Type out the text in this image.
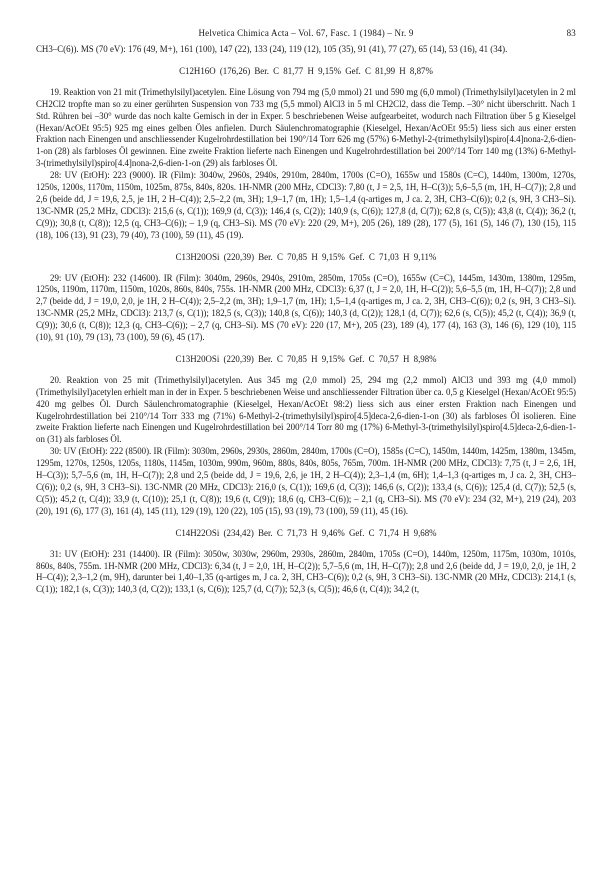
Helvetica Chimica Acta – Vol. 67, Fasc. 1 (1984) – Nr. 9	83

CH3–C(6)). MS (70 eV): 176 (49, M+), 161 (100), 147 (22), 133 (24), 119 (12), 105 (35), 91 (41), 77 (27), 65 (14), 53 (16), 41 (34).

C12H16O (176,26) Ber. C 81,77 H 9,15% Gef. C 81,99 H 8,87%

19. Reaktion von 21 mit (Trimethylsilyl)acetylen. Eine Lösung von 794 mg (5,0 mmol) 21 und 590 mg (6,0 mmol) (Trimethylsilyl)acetylen in 2 ml CH2Cl2 tropfte man so zu einer gerührten Suspension von 733 mg (5,5 mmol) AlCl3 in 5 ml CH2Cl2, dass die Temp. –30° nicht überschritt. Nach 1 Std. Rühren bei –30° wurde das noch kalte Gemisch in der in Exper. 5 beschriebenen Weise aufgearbeitet, wodurch nach Filtration über 5 g Kieselgel (Hexan/AcOEt 95:5) 925 mg eines gelben Öles anfielen. Durch Säulenchromatographie (Kieselgel, Hexan/AcOEt 95:5) liess sich aus einer ersten Fraktion nach Einengen und anschliessender Kugelrohrdestillation bei 190°/14 Torr 626 mg (57%) 6-Methyl-2-(trimethylsilyl)spiro[4.4]nona-2,6-dien-1-on (28) als farbloses Öl gewinnen. Eine zweite Fraktion lieferte nach Einengen und Kugelrohrdestillation bei 200°/14 Torr 140 mg (13%) 6-Methyl-3-(trimethylsilyl)spiro[4.4]nona-2,6-dien-1-on (29) als farbloses Öl.

28: UV (EtOH): 223 (9000). IR (Film): 3040w, 2960s, 2940s, 2910m, 2840m, 1700s (C=O), 1655w und 1580s (C=C), 1440m, 1300m, 1270s, 1250s, 1200s, 1170m, 1150m, 1025m, 875s, 840s, 820s. 1H-NMR (200 MHz, CDCl3): 7,80 (t, J = 2,5, 1H, H–C(3)); 5,6–5,5 (m, 1H, H–C(7)); 2,8 und 2,6 (beide dd, J = 19,6, 2,5, je 1H, 2 H–C(4)); 2,5–2,2 (m, 3H); 1,9–1,7 (m, 1H); 1,5–1,4 (q-artiges m, J ca. 2, 3H, CH3–C(6)); 0,2 (s, 9H, 3 CH3–Si). 13C-NMR (25,2 MHz, CDCl3): 215,6 (s, C(1)); 169,9 (d, C(3)); 146,4 (s, C(2)); 140,9 (s, C(6)); 127,8 (d, C(7)); 62,8 (s, C(5)); 43,8 (t, C(4)); 36,2 (t, C(9)); 30,8 (t, C(8)); 12,5 (q, CH3–C(6)); – 1,9 (q, CH3–Si). MS (70 eV): 220 (29, M+), 205 (26), 189 (28), 177 (5), 161 (5), 146 (7), 130 (15), 115 (18), 106 (13), 91 (23), 79 (40), 73 (100), 59 (11), 45 (19).

C13H20OSi (220,39) Ber. C 70,85 H 9,15% Gef. C 71,03 H 9,11%

29: UV (EtOH): 232 (14600). IR (Film): 3040m, 2960s, 2940s, 2910m, 2850m, 1705s (C=O), 1655w (C=C), 1445m, 1430m, 1380m, 1295m, 1250s, 1190m, 1170m, 1150m, 1020s, 860s, 840s, 755s. 1H-NMR (200 MHz, CDCl3): 6,37 (t, J = 2,0, 1H, H–C(2)); 5,6–5,5 (m, 1H, H–C(7)); 2,8 und 2,7 (beide dd, J = 19,0, 2,0, je 1H, 2 H–C(4)); 2,5–2,2 (m, 3H); 1,9–1,7 (m, 1H); 1,5–1,4 (q-artiges m, J ca. 2, 3H, CH3–C(6)); 0,2 (s, 9H, 3 CH3–Si). 13C-NMR (25,2 MHz, CDCl3): 213,7 (s, C(1)); 182,5 (s, C(3)); 140,8 (s, C(6)); 140,3 (d, C(2)); 128,1 (d, C(7)); 62,6 (s, C(5)); 45,2 (t, C(4)); 36,9 (t, C(9)); 30,6 (t, C(8)); 12,3 (q, CH3–C(6)); – 2,7 (q, CH3–Si). MS (70 eV): 220 (17, M+), 205 (23), 189 (4), 177 (4), 163 (3), 146 (6), 129 (10), 115 (10), 91 (10), 79 (13), 73 (100), 59 (6), 45 (17).

C13H20OSi (220,39) Ber. C 70,85 H 9,15% Gef. C 70,57 H 8,98%

20. Reaktion von 25 mit (Trimethylsilyl)acetylen. Aus 345 mg (2,0 mmol) 25, 294 mg (2,2 mmol) AlCl3 und 393 mg (4,0 mmol) (Trimethylsilyl)acetylen erhielt man in der in Exper. 5 beschriebenen Weise und anschliessender Filtration über ca. 0,5 g Kieselgel (Hexan/AcOEt 95:5) 420 mg gelbes Öl. Durch Säulenchromatographie (Kieselgel, Hexan/AcOEt 98:2) liess sich aus einer ersten Fraktion nach Einengen und Kugelrohrdestillation bei 210°/14 Torr 333 mg (71%) 6-Methyl-2-(trimethylsilyl)spiro[4.5]deca-2,6-dien-1-on (30) als farbloses Öl isolieren. Eine zweite Fraktion lieferte nach Einengen und Kugelrohrdestillation bei 200°/14 Torr 80 mg (17%) 6-Methyl-3-(trimethylsilyl)spiro[4.5]deca-2,6-dien-1-on (31) als farbloses Öl.

30: UV (EtOH): 222 (8500). IR (Film): 3030m, 2960s, 2930s, 2860m, 2840m, 1700s (C=O), 1585s (C=C), 1450m, 1440m, 1425m, 1380m, 1345m, 1295m, 1270s, 1250s, 1205s, 1180s, 1145m, 1030m, 990m, 960m, 880s, 840s, 805s, 765m, 700m. 1H-NMR (200 MHz, CDCl3): 7,75 (t, J = 2,6, 1H, H–C(3)); 5,7–5,6 (m, 1H, H–C(7)); 2,8 und 2,5 (beide dd, J = 19,6, 2,6, je 1H, 2 H–C(4)); 2,3–1,4 (m, 6H); 1,4–1,3 (q-artiges m, J ca. 2, 3H, CH3–C(6)); 0,2 (s, 9H, 3 CH3–Si). 13C-NMR (20 MHz, CDCl3): 216,0 (s, C(1)); 169,6 (d, C(3)); 146,6 (s, C(2)); 133,4 (s, C(6)); 125,4 (d, C(7)); 52,5 (s, C(5)); 45,2 (t, C(4)); 33,9 (t, C(10)); 25,1 (t, C(8)); 19,6 (t, C(9)); 18,6 (q, CH3–C(6)); – 2,1 (q, CH3–Si). MS (70 eV): 234 (32, M+), 219 (24), 203 (20), 191 (6), 177 (3), 161 (4), 145 (11), 129 (19), 120 (22), 105 (15), 93 (19), 73 (100), 59 (11), 45 (16).

C14H22OSi (234,42) Ber. C 71,73 H 9,46% Gef. C 71,74 H 9,68%

31: UV (EtOH): 231 (14400). IR (Film): 3050w, 3030w, 2960m, 2930s, 2860m, 2840m, 1705s (C=O), 1440m, 1250m, 1175m, 1030m, 1010s, 860s, 840s, 755m. 1H-NMR (200 MHz, CDCl3): 6,34 (t, J = 2,0, 1H, H–C(2)); 5,7–5,6 (m, 1H, H–C(7)); 2,8 und 2,6 (beide dd, J = 19,0, 2,0, je 1H, 2 H–C(4)); 2,3–1,2 (m, 9H), darunter bei 1,40–1,35 (q-artiges m, J ca. 2, 3H, CH3–C(6)); 0,2 (s, 9H, 3 CH3–Si). 13C-NMR (20 MHz, CDCl3): 214,1 (s, C(1)); 182,1 (s, C(3)); 140,3 (d, C(2)); 133,1 (s, C(6)); 125,7 (d, C(7)); 52,3 (s, C(5)); 46,6 (t, C(4)); 34,2 (t,
